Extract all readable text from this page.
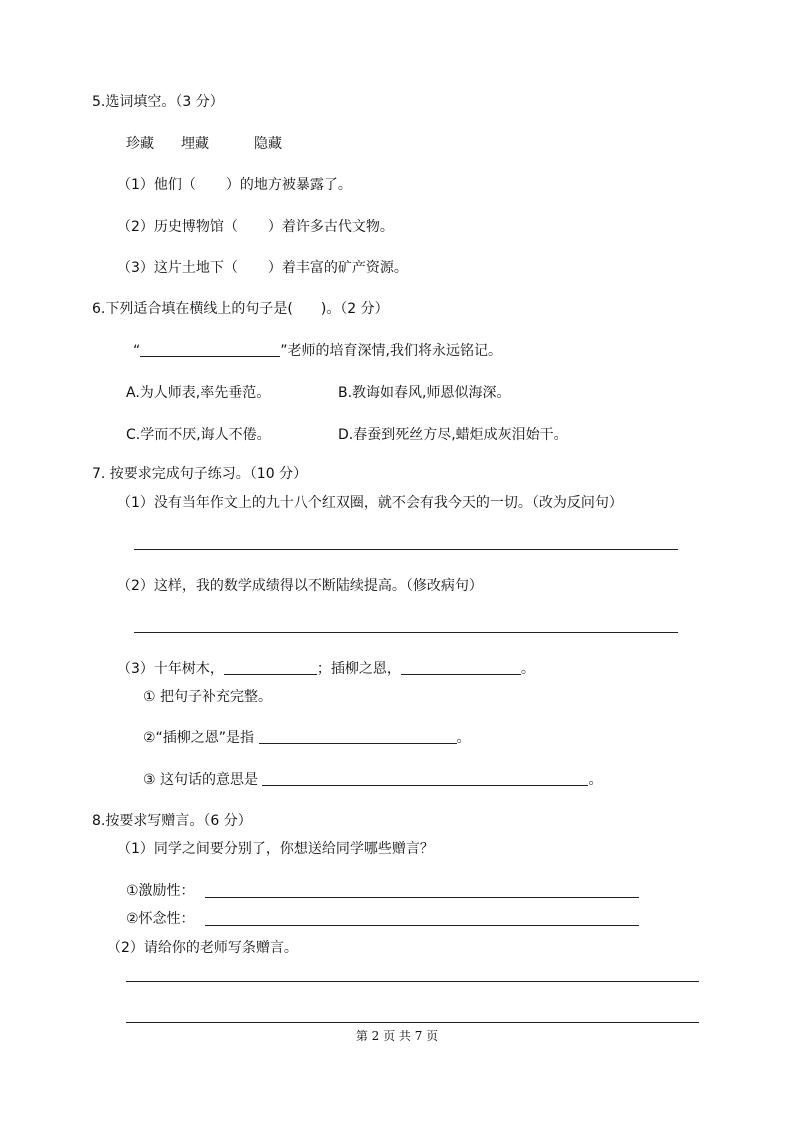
5.选词填空。（3 分）
珍藏 埋藏	隐藏
（1）他们（ ）的地方被暴露了。
（2）历史博物馆（ ）着许多古代文物。
（3）这片土地下（ ）着丰富的矿产资源。
6.下列适合填在横线上的句子是(　　)。（2 分）
“	”老师的培育深情,我们将永远铭记。
A.为人师表,率先垂范。	B.教诲如春风,师恩似海深。
C.学而不厌,诲人不倦。	D.春蚕到死丝方尽,蜡炬成灰泪始干。
7. 按要求完成句子练习。（10 分）
（1）没有当年作文上的九十八个红双圈，就不会有我今天的一切。（改为反问句）
（2）这样，我的数学成绩得以不断陆续提高。（修改病句）
（3）十年树木，	；插柳之恩，	。
① 把句子补充完整。
②“插柳之恩”是指	。
③ 这句话的意思是	。
8.按要求写赠言。（6 分）
（1）同学之间要分别了，你想送给同学哪些赠言？
①激励性：
②怀念性：
（2）请给你的老师写条赠言。
第 2 页 共 7 页
